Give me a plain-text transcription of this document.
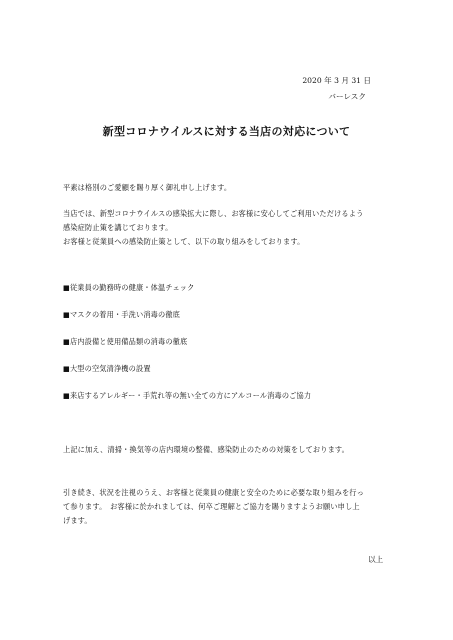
2020 年 3 月 31 日
バーレスク
新型コロナウイルスに対する当店の対応について
平素は格別のご愛顧を賜り厚く御礼申し上げます。
当店では、新型コロナウイルスの感染拡大に際し、お客様に安心してご利用いただけるよう
感染症防止策を講じております。
お客様と従業員への感染防止策として、以下の取り組みをしております。
■従業員の勤務時の健康・体温チェック
■マスクの着用・手洗い消毒の徹底
■店内設備と使用備品類の消毒の徹底
■大型の空気清浄機の設置
■来店するアレルギー・手荒れ等の無い全ての方にアルコール消毒のご協力
上記に加え、清掃・換気等の店内環境の整備、感染防止のための対策をしております。
引き続き、状況を注視のうえ、お客様と従業員の健康と安全のために必要な取り組みを行っ
て参ります。　お客様に於かれましては、何卒ご理解とご協力を賜りますようお願い申し上
げます。
以上
